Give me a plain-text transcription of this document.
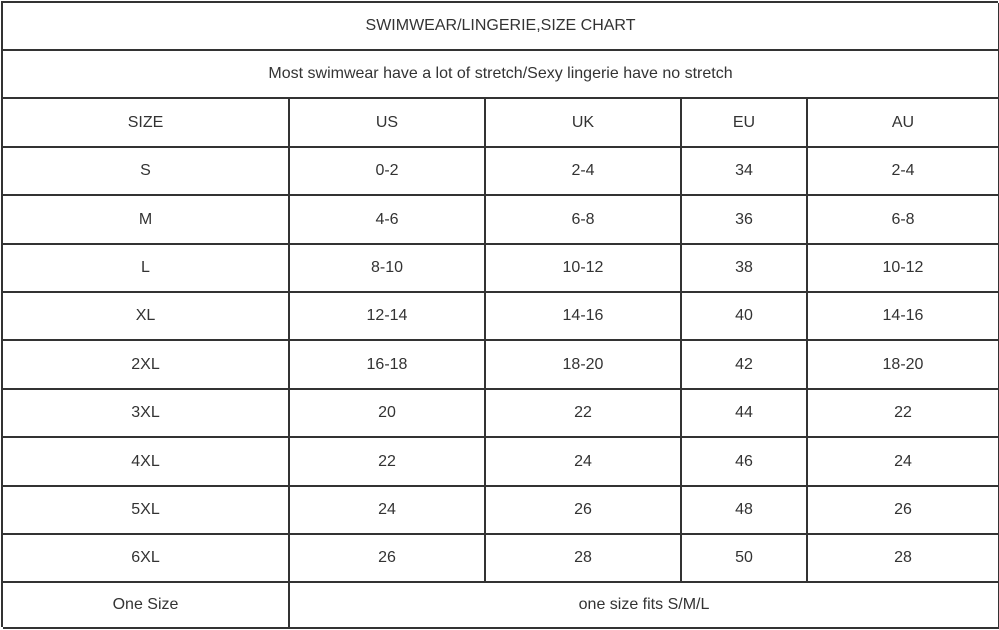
SWIMWEAR/LINGERIE,SIZE CHART
Most swimwear have a lot of stretch/Sexy lingerie have no stretch
SIZE	US	UK	EU	AU
S	0-2	2-4	34	2-4
M	4-6	6-8	36	6-8
L	8-10	10-12	38	10-12
XL	12-14	14-16	40	14-16
2XL	16-18	18-20	42	18-20
3XL	20	22	44	22
4XL	22	24	46	24
5XL	24	26	48	26
6XL	26	28	50	28
One Size	one size fits S/M/L
